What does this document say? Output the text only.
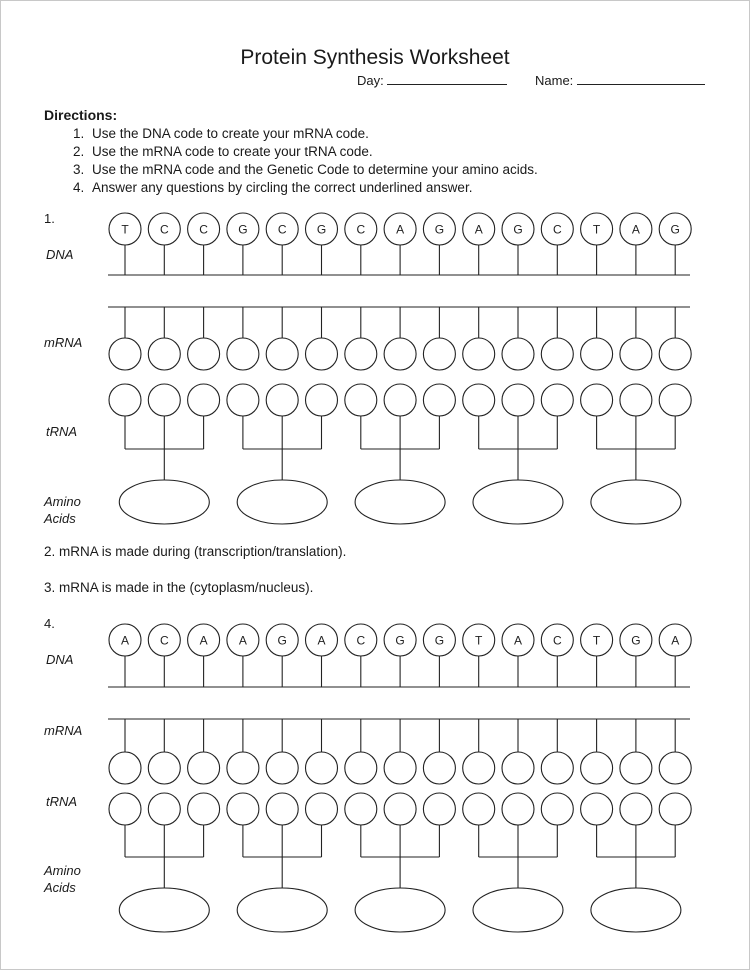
Protein Synthesis Worksheet
Day:	Name:
Directions:
1. Use the DNA code to create your mRNA code.
2. Use the mRNA code to create your tRNA code.
3. Use the mRNA code and the Genetic Code to determine your amino acids.
4. Answer any questions by circling the correct underlined answer.
1.
DNA
mRNA
tRNA
Amino
Acids
2. mRNA is made during (transcription/translation).
3. mRNA is made in the (cytoplasm/nucleus).
4.
DNA
mRNA
tRNA
Amino
Acids
T	C	C	G	C	G	C	A	G	A	G	C	T	A	G
A	C	A	A	G	A	C	G G	T	A	C	T	G	A
